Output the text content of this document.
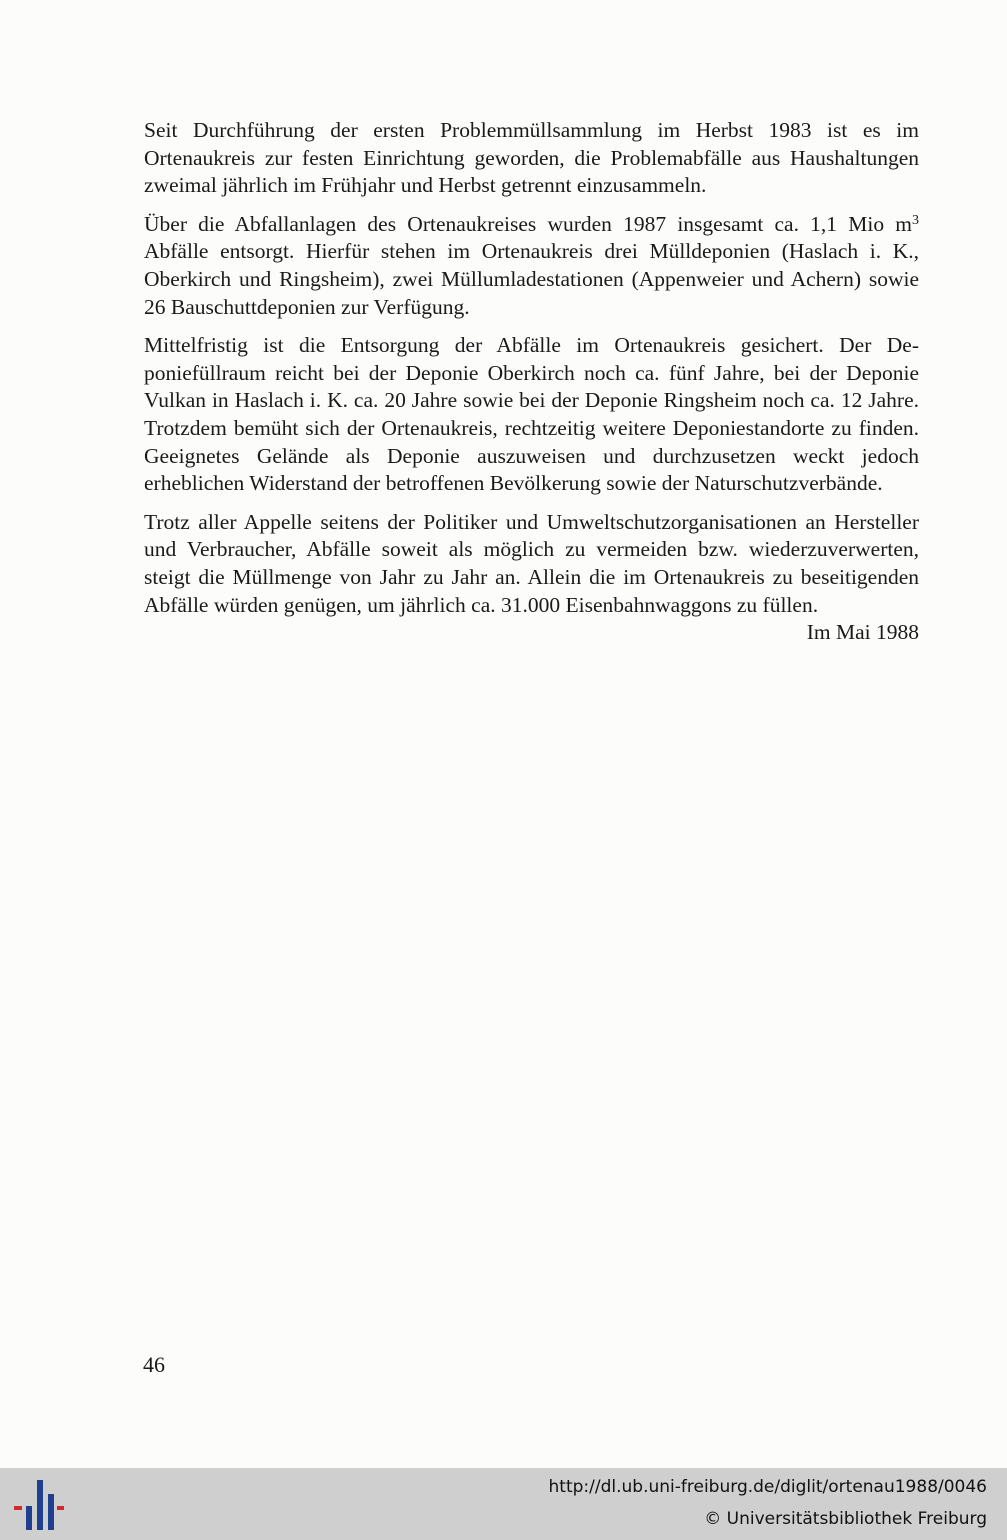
Seit Durchführung der ersten Problemmüllsammlung im Herbst 1983 ist es im Ortenaukreis zur festen Einrichtung geworden, die Problemabfälle aus Haushaltungen zweimal jährlich im Frühjahr und Herbst getrennt einzusammeln.

Über die Abfallanlagen des Ortenaukreises wurden 1987 insgesamt ca. 1,1 Mio $m^3$ Abfälle entsorgt. Hierfür stehen im Ortenaukreis drei Mülldeponien (Haslach i. K., Oberkirch und Ringsheim), zwei Müllumladestationen (Appenweier und Achern) sowie 26 Bauschuttdeponien zur Verfügung.

Mittelfristig ist die Entsorgung der Abfälle im Ortenaukreis gesichert. Der Deponiefüllraum reicht bei der Deponie Oberkirch noch ca. fünf Jahre, bei der Deponie Vulkan in Haslach i. K. ca. 20 Jahre sowie bei der Deponie Ringsheim noch ca. 12 Jahre. Trotzdem bemüht sich der Ortenaukreis, rechtzeitig weitere Deponiestandorte zu finden. Geeignetes Gelände als Deponie auszuweisen und durchzusetzen weckt jedoch erheblichen Widerstand der betroffenen Bevölkerung sowie der Naturschutzverbände.

Trotz aller Appelle seitens der Politiker und Umweltschutzorganisationen an Hersteller und Verbraucher, Abfälle soweit als möglich zu vermeiden bzw. wiederzuverwerten, steigt die Müllmenge von Jahr zu Jahr an. Allein die im Ortenaukreis zu beseitigenden Abfälle würden genügen, um jährlich ca. 31.000 Eisenbahnwaggons zu füllen.

Im Mai 1988
46
http://dl.ub.uni-freiburg.de/diglit/ortenau1988/0046
© Universitätsbibliothek Freiburg
